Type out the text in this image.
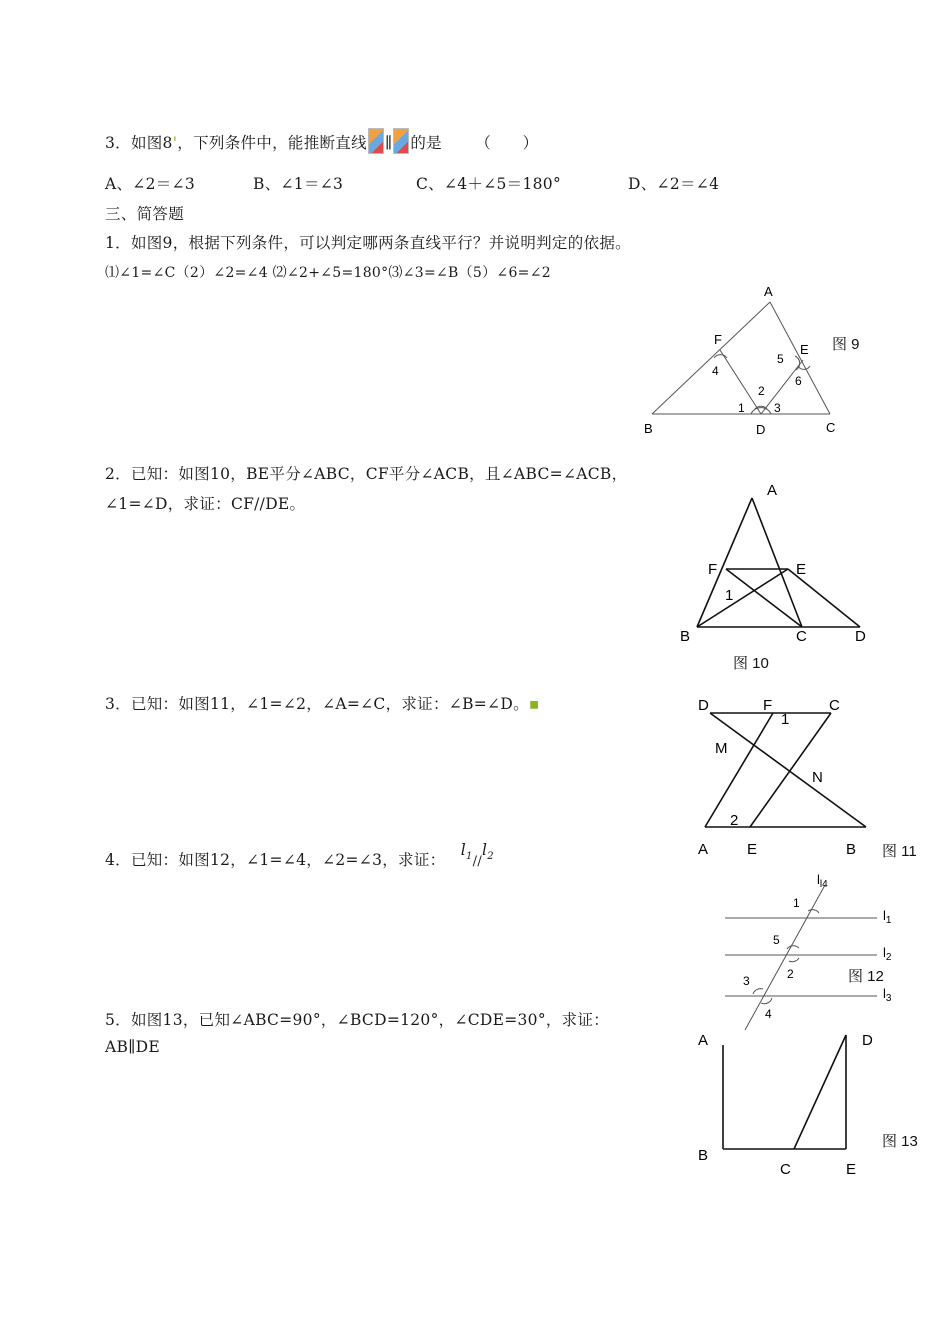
3．如图8'，下列条件中，能推断直线 ∥ 的是 （　　）
A、∠2＝∠3	B、∠1＝∠3	C、∠4＋∠5＝180°	D、∠2＝∠4
三、简答题
1．如图9，根据下列条件，可以判定哪两条直线平行？并说明判定的依据。
⑴∠1=∠C（2）∠2=∠4 ⑵∠2+∠5=180°⑶∠3=∠B（5）∠6=∠2
A
F
E
B	D	C
4
5
6
2
1 3
图 9
2．已知：如图10，BE平分∠ABC，CF平分∠ACB，且∠ABC=∠ACB，
∠1=∠D，求证：CF//DE。
A
F	E
1
B	C	D
图 10
3．已知：如图11，∠1=∠2，∠A=∠C，求证：∠B=∠D。▪	D	F	C
1
M
N
2
A	E	B 图 11
4．已知：如图12，∠1=∠4，∠2=∠3，求证： $l_1//l_2$
$l_{l4}$
$l_1$
$l_2$
$l_3$
1
5
2
3
4
图 12
5．如图13，已知∠ABC=90°，∠BCD=120°，∠CDE=30°，求证：
AB∥DE	A	D
B
C	E
图 13
